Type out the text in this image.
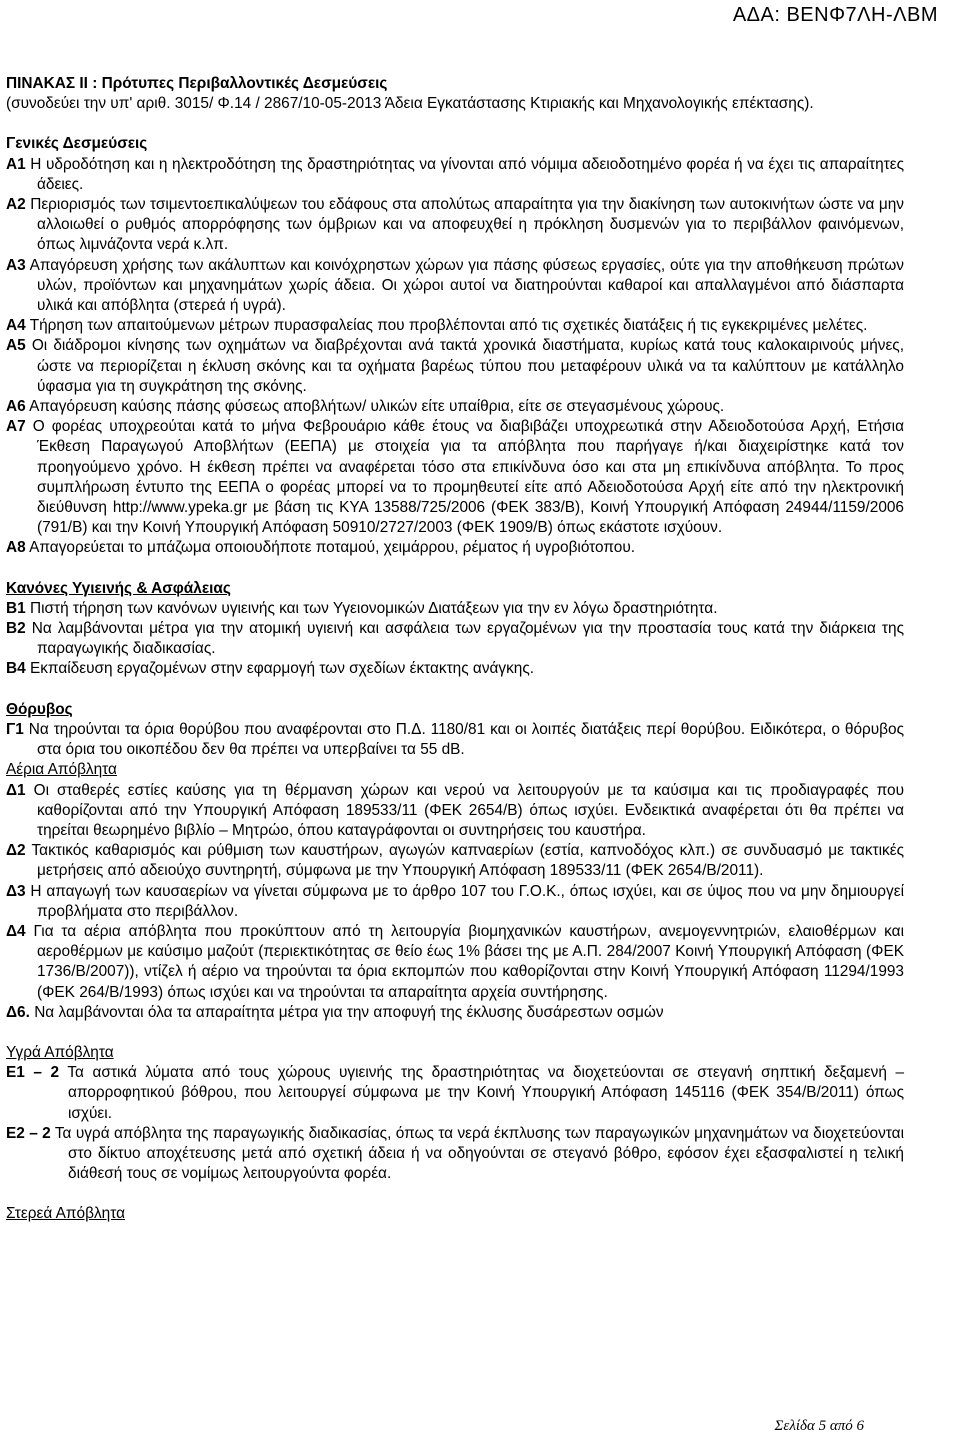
ΑΔΑ: ΒΕΝΦ7ΛΗ-ΛΒΜ

ΠΙΝΑΚΑΣ ΙΙ : Πρότυπες Περιβαλλοντικές Δεσμεύσεις

(συνοδεύει την υπ' αριθ. 3015/ Φ.14 / 2867/10-05-2013 Άδεια Εγκατάστασης Κτιριακής και Μηχανολογικής επέκτασης).

Γενικές Δεσμεύσεις

Α1 Η υδροδότηση και η ηλεκτροδότηση της δραστηριότητας να γίνονται από νόμιμα αδειοδοτημένο φορέα ή να έχει τις απαραίτητες άδειες.

Α2 Περιορισμός των τσιμεντοεπικαλύψεων του εδάφους στα απολύτως απαραίτητα για την διακίνηση των αυτοκινήτων ώστε να μην αλλοιωθεί ο ρυθμός απορρόφησης των όμβριων και να αποφευχθεί η πρόκληση δυσμενών για το περιβάλλον φαινόμενων, όπως λιμνάζοντα νερά κ.λπ.

Α3 Απαγόρευση χρήσης των ακάλυπτων και κοινόχρηστων χώρων για πάσης φύσεως εργασίες, ούτε για την αποθήκευση πρώτων υλών, προϊόντων και μηχανημάτων χωρίς άδεια. Οι χώροι αυτοί να διατηρούνται καθαροί και απαλλαγμένοι από διάσπαρτα υλικά και απόβλητα (στερεά ή υγρά).

Α4 Τήρηση των απαιτούμενων μέτρων πυρασφαλείας που προβλέπονται από τις σχετικές διατάξεις ή τις εγκεκριμένες μελέτες.

Α5 Οι διάδρομοι κίνησης των οχημάτων να διαβρέχονται ανά τακτά χρονικά διαστήματα, κυρίως κατά τους καλοκαιρινούς μήνες, ώστε να περιορίζεται η έκλυση σκόνης και τα οχήματα βαρέως τύπου που μεταφέρουν υλικά να τα καλύπτουν με κατάλληλο ύφασμα για τη συγκράτηση της σκόνης.

Α6 Απαγόρευση καύσης πάσης φύσεως αποβλήτων/ υλικών είτε υπαίθρια, είτε σε στεγασμένους χώρους.

Α7 Ο φορέας υποχρεούται κατά το μήνα Φεβρουάριο κάθε έτους να διαβιβάζει υποχρεωτικά στην Αδειοδοτούσα Αρχή, Ετήσια Έκθεση Παραγωγού Αποβλήτων (ΕΕΠΑ) με στοιχεία για τα απόβλητα που παρήγαγε ή/και διαχειρίστηκε κατά τον προηγούμενο χρόνο. Η έκθεση πρέπει να αναφέρεται τόσο στα επικίνδυνα όσο και στα μη επικίνδυνα απόβλητα. Το προς συμπλήρωση έντυπο της ΕΕΠΑ ο φορέας μπορεί να το προμηθευτεί είτε από Αδειοδοτούσα Αρχή είτε από την ηλεκτρονική διεύθυνση http://www.ypeka.gr με βάση τις ΚΥΑ 13588/725/2006 (ΦΕΚ 383/Β), Κοινή Υπουργική Απόφαση 24944/1159/2006 (791/Β) και την Κοινή Υπουργική Απόφαση 50910/2727/2003 (ΦΕΚ 1909/Β) όπως εκάστοτε ισχύουν.

Α8 Απαγορεύεται το μπάζωμα οποιουδήποτε ποταμού, χειμάρρου, ρέματος ή υγροβιότοπου.

Κανόνες Υγιεινής & Ασφάλειας

Β1 Πιστή τήρηση των κανόνων υγιεινής και των Υγειονομικών Διατάξεων για την εν λόγω δραστηριότητα.

Β2 Να λαμβάνονται μέτρα για την ατομική υγιεινή και ασφάλεια των εργαζομένων για την προστασία τους κατά την διάρκεια της παραγωγικής διαδικασίας.

Β4 Εκπαίδευση εργαζομένων στην εφαρμογή των σχεδίων έκτακτης ανάγκης.

Θόρυβος

Γ1 Να τηρούνται τα όρια θορύβου που αναφέρονται στο Π.Δ. 1180/81 και οι λοιπές διατάξεις περί θορύβου. Ειδικότερα, ο θόρυβος στα όρια του οικοπέδου δεν θα πρέπει να υπερβαίνει τα 55 dB.

Αέρια Απόβλητα

Δ1 Οι σταθερές εστίες καύσης για τη θέρμανση χώρων και νερού να λειτουργούν με τα καύσιμα και τις προδιαγραφές που καθορίζονται από την Υπουργική Απόφαση 189533/11 (ΦΕΚ 2654/Β) όπως ισχύει. Ενδεικτικά αναφέρεται ότι θα πρέπει να τηρείται θεωρημένο βιβλίο – Μητρώο, όπου καταγράφονται οι συντηρήσεις του καυστήρα.

Δ2 Τακτικός καθαρισμός και ρύθμιση των καυστήρων, αγωγών καπναερίων (εστία, καπνοδόχος κλπ.) σε συνδυασμό με τακτικές μετρήσεις από αδειούχο συντηρητή, σύμφωνα με την Υπουργική Απόφαση 189533/11 (ΦΕΚ 2654/Β/2011).

Δ3 Η απαγωγή των καυσαερίων να γίνεται σύμφωνα με το άρθρο 107 του Γ.Ο.Κ., όπως ισχύει, και σε ύψος που να μην δημιουργεί προβλήματα στο περιβάλλον.

Δ4 Για τα αέρια απόβλητα που προκύπτουν από τη λειτουργία βιομηχανικών καυστήρων, ανεμογεννητριών, ελαιοθέρμων και αεροθέρμων με καύσιμο μαζούτ (περιεκτικότητας σε θείο έως 1% βάσει της με Α.Π. 284/2007 Κοινή Υπουργική Απόφαση (ΦΕΚ 1736/Β/2007)), ντίζελ ή αέριο να τηρούνται τα όρια εκπομπών που καθορίζονται στην Κοινή Υπουργική Απόφαση 11294/1993 (ΦΕΚ 264/Β/1993) όπως ισχύει και να τηρούνται τα απαραίτητα αρχεία συντήρησης.

Δ6. Να λαμβάνονται όλα τα απαραίτητα μέτρα για την αποφυγή της έκλυσης δυσάρεστων οσμών

Υγρά Απόβλητα

Ε1 – 2 Τα αστικά λύματα από τους χώρους υγιεινής της δραστηριότητας να διοχετεύονται σε στεγανή σηπτική δεξαμενή – απορροφητικού βόθρου, που λειτουργεί σύμφωνα με την Κοινή Υπουργική Απόφαση 145116 (ΦΕΚ 354/Β/2011) όπως ισχύει.

Ε2 – 2 Τα υγρά απόβλητα της παραγωγικής διαδικασίας, όπως τα νερά έκπλυσης των παραγωγικών μηχανημάτων να διοχετεύονται στο δίκτυο αποχέτευσης μετά από σχετική άδεια ή να οδηγούνται σε στεγανό βόθρο, εφόσον έχει εξασφαλιστεί η τελική διάθεσή τους σε νομίμως λειτουργούντα φορέα.

Στερεά Απόβλητα

Σελίδα 5 από 6
